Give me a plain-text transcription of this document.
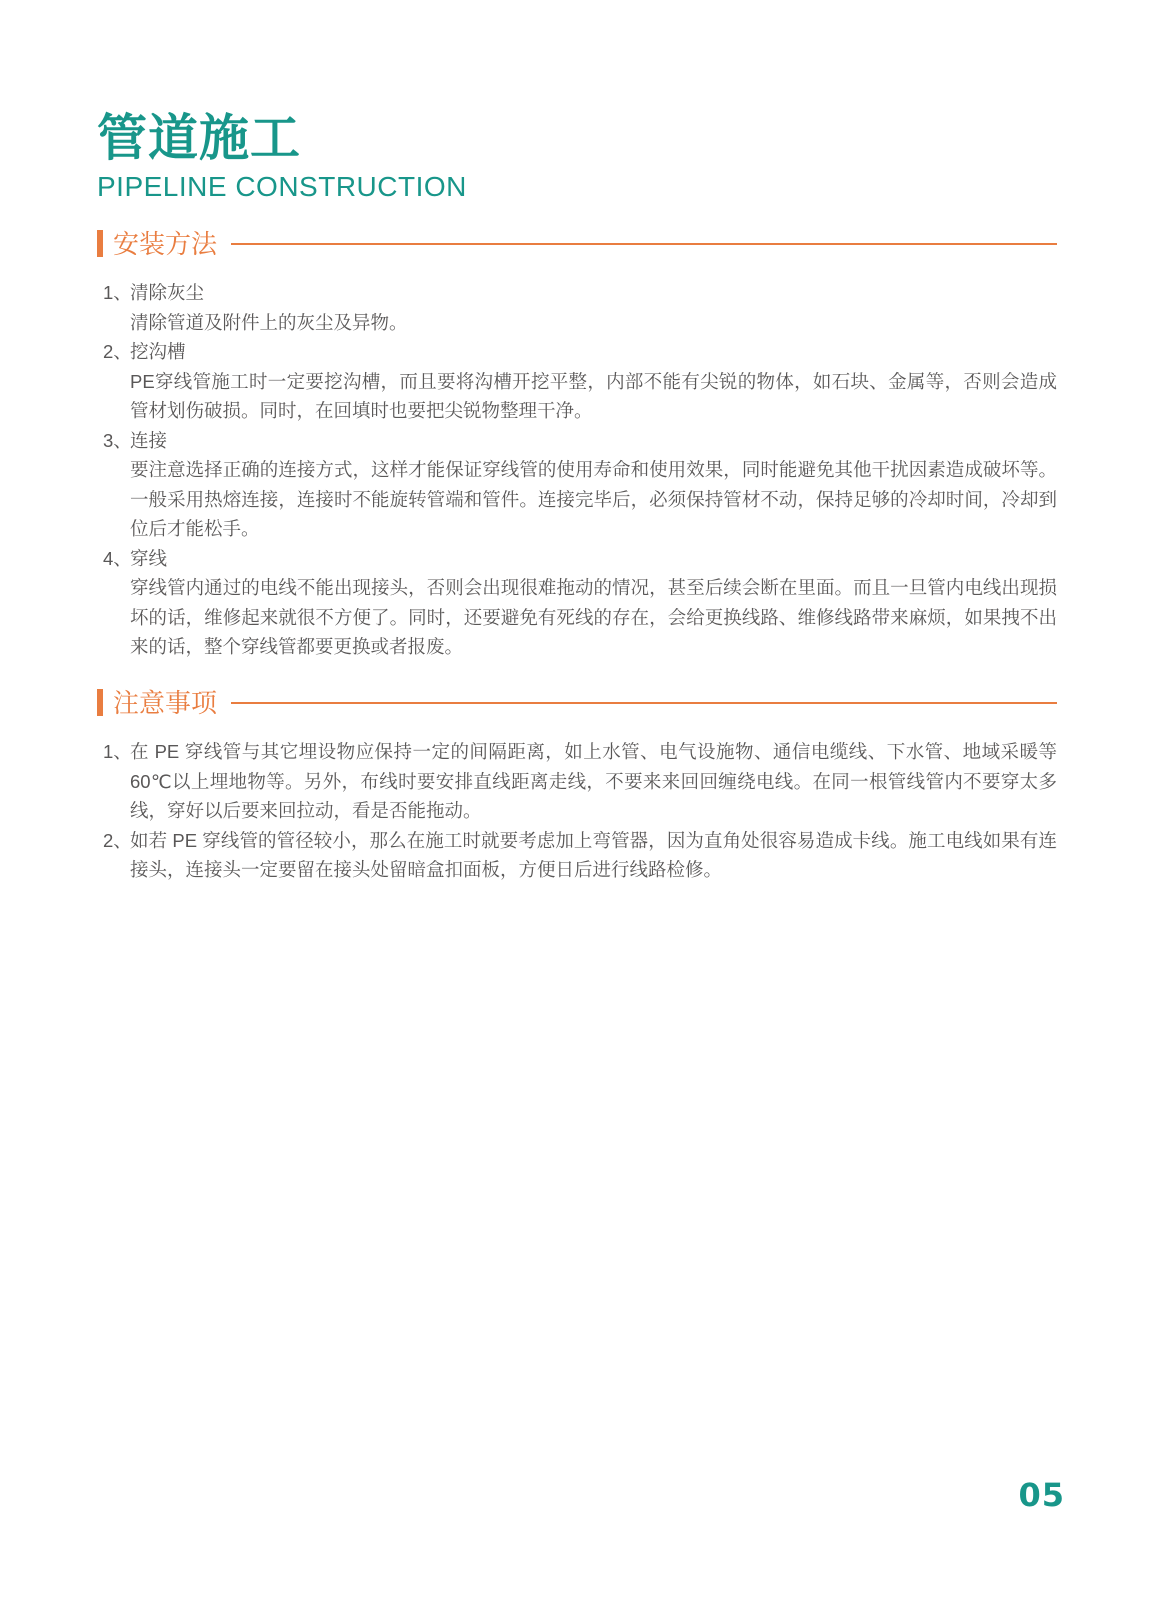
管道施工
PIPELINE CONSTRUCTION
安装方法
1、
清除灰尘
清除管道及附件上的灰尘及异物。
2、
挖沟槽
PE穿线管施工时一定要挖沟槽，而且要将沟槽开挖平整，内部不能有尖锐的物体，如石块、金属等，否则会造成管材划伤破损。同时，在回填时也要把尖锐物整理干净。
3、
连接
要注意选择正确的连接方式，这样才能保证穿线管的使用寿命和使用效果，同时能避免其他干扰因素造成破坏等。一般采用热熔连接，连接时不能旋转管端和管件。连接完毕后，必须保持管材不动，保持足够的冷却时间，冷却到位后才能松手。
4、
穿线
穿线管内通过的电线不能出现接头，否则会出现很难拖动的情况，甚至后续会断在里面。而且一旦管内电线出现损坏的话，维修起来就很不方便了。同时，还要避免有死线的存在，会给更换线路、维修线路带来麻烦，如果拽不出来的话，整个穿线管都要更换或者报废。
注意事项
1、
在 PE 穿线管与其它埋设物应保持一定的间隔距离，如上水管、电气设施物、通信电缆线、下水管、地域采暖等 60℃以上埋地物等。另外，布线时要安排直线距离走线，不要来来回回缠绕电线。在同一根管线管内不要穿太多线，穿好以后要来回拉动，看是否能拖动。
2、
如若 PE 穿线管的管径较小，那么在施工时就要考虑加上弯管器，因为直角处很容易造成卡线。施工电线如果有连接头，连接头一定要留在接头处留暗盒扣面板，方便日后进行线路检修。
05
